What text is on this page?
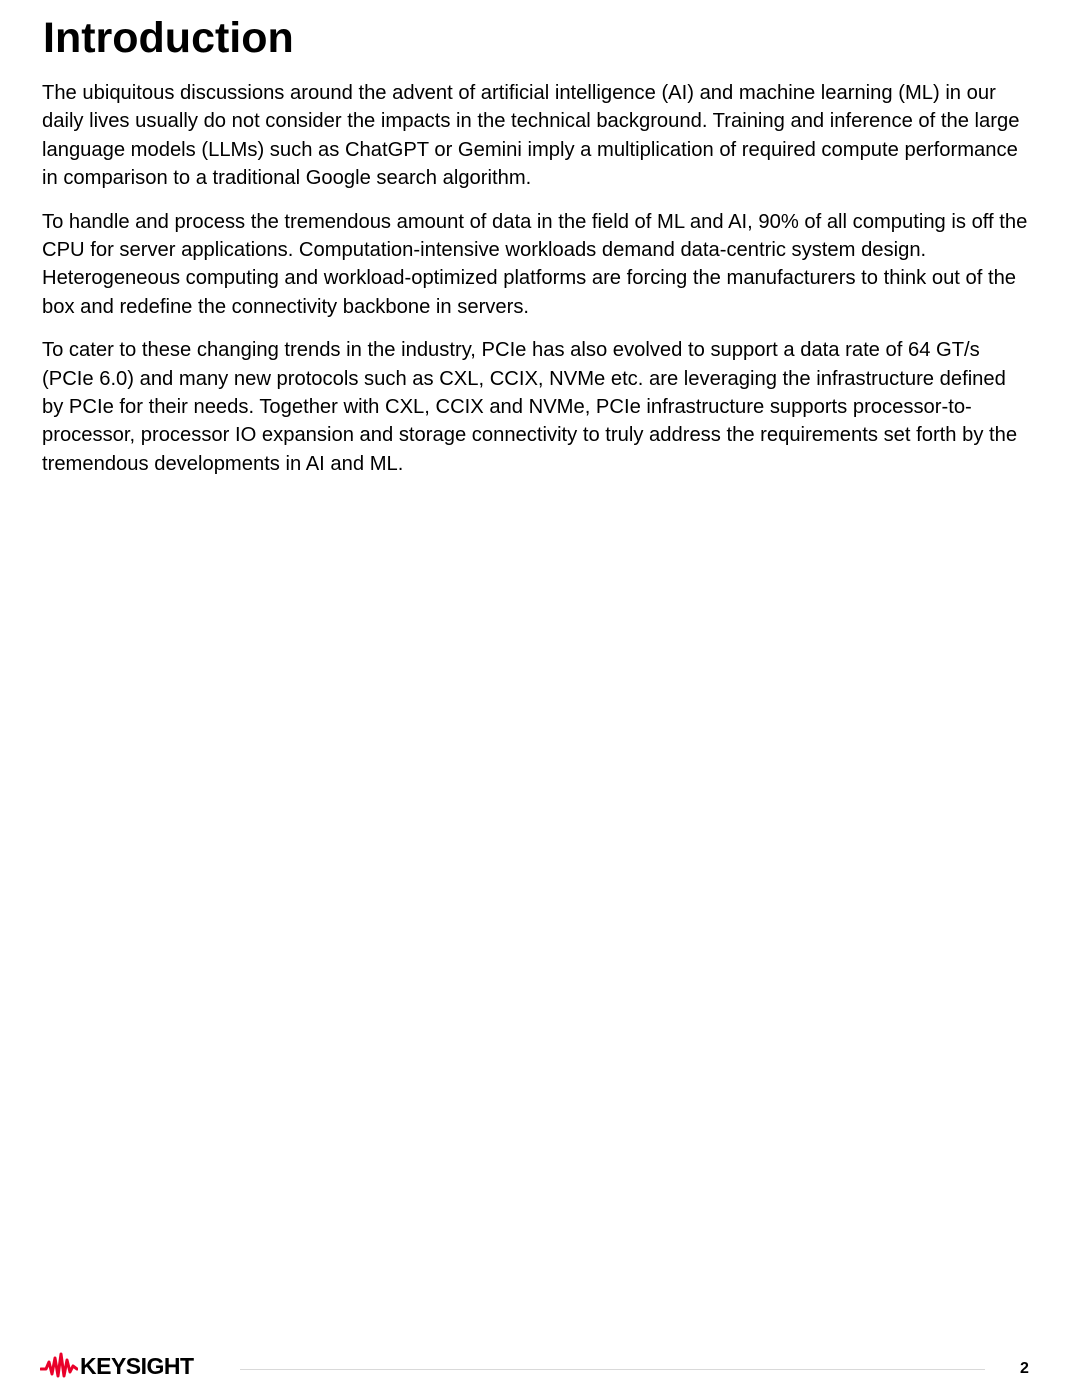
Introduction

The ubiquitous discussions around the advent of artificial intelligence (AI) and machine learning (ML) in our daily lives usually do not consider the impacts in the technical background. Training and inference of the large language models (LLMs) such as ChatGPT or Gemini imply a multiplication of required compute performance in comparison to a traditional Google search algorithm.

To handle and process the tremendous amount of data in the field of ML and AI, 90% of all computing is off the CPU for server applications. Computation-intensive workloads demand data-centric system design. Heterogeneous computing and workload-optimized platforms are forcing the manufacturers to think out of the box and redefine the connectivity backbone in servers.

To cater to these changing trends in the industry, PCIe has also evolved to support a data rate of 64 GT/s (PCIe 6.0) and many new protocols such as CXL, CCIX, NVMe etc. are leveraging the infrastructure defined by PCIe for their needs. Together with CXL, CCIX and NVMe, PCIe infrastructure supports processor-to-processor, processor IO expansion and storage connectivity to truly address the requirements set forth by the tremendous developments in AI and ML.

KEYSIGHT	2
